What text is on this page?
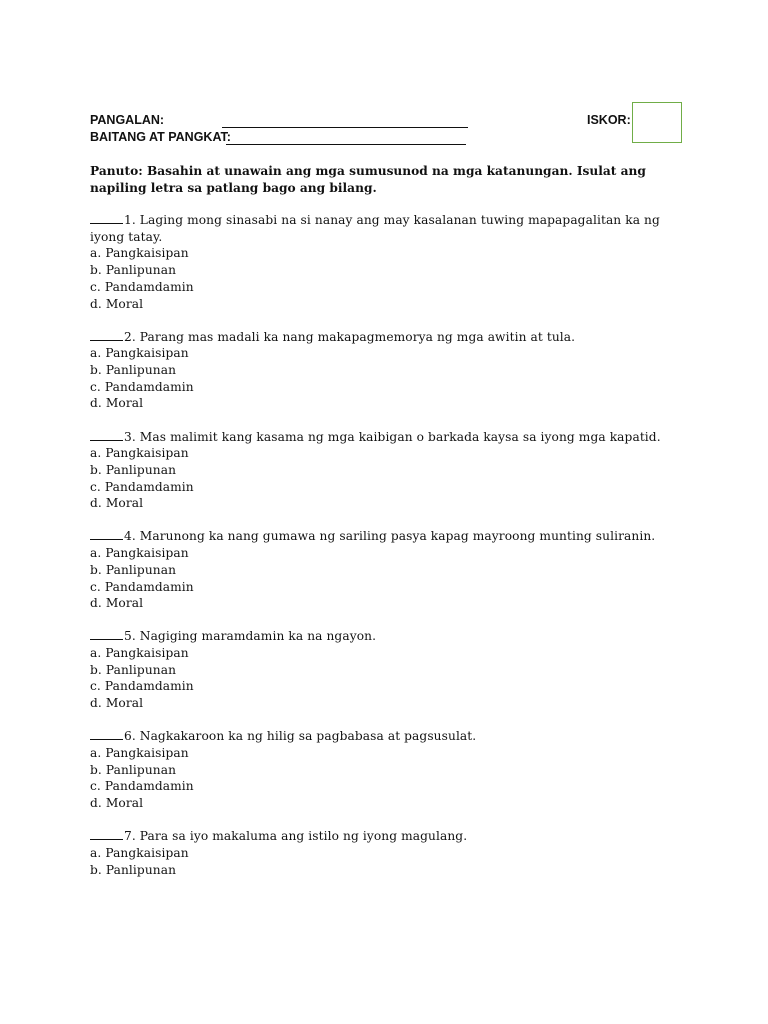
PANGALAN:	ISKOR:
BAITANG AT PANGKAT:

Panuto: Basahin at unawain ang mga sumusunod na mga katanungan. Isulat ang napiling letra sa patlang bago ang bilang.

1. Laging mong sinasabi na si nanay ang may kasalanan tuwing mapapagalitan ka ng iyong tatay.

a. Pangkaisipan
b. Panlipunan
c. Pandamdamin
d. Moral

2. Parang mas madali ka nang makapagmemorya ng mga awitin at tula.

a. Pangkaisipan
b. Panlipunan
c. Pandamdamin
d. Moral

3. Mas malimit kang kasama ng mga kaibigan o barkada kaysa sa iyong mga kapatid.

a. Pangkaisipan
b. Panlipunan
c. Pandamdamin
d. Moral

4. Marunong ka nang gumawa ng sariling pasya kapag mayroong munting suliranin.

a. Pangkaisipan
b. Panlipunan
c. Pandamdamin
d. Moral

5. Nagiging maramdamin ka na ngayon.

a. Pangkaisipan
b. Panlipunan
c. Pandamdamin
d. Moral

6. Nagkakaroon ka ng hilig sa pagbabasa at pagsusulat.

a. Pangkaisipan
b. Panlipunan
c. Pandamdamin
d. Moral

7. Para sa iyo makaluma ang istilo ng iyong magulang.

a. Pangkaisipan
b. Panlipunan
